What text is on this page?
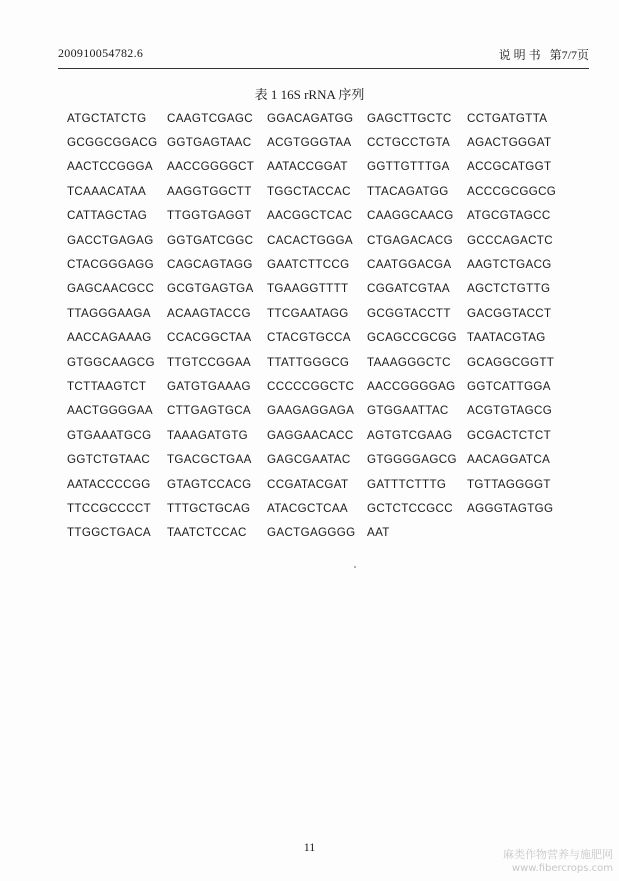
200910054782.6	说 明 书 第7/7页
表 1 16S rRNA 序列
ATGCTATCTG	CAAGTCGAGC	GGACAGATGG	GAGCTTGCTC	CCTGATGTTA
GCGGCGGACG GGTGAGTAAC	ACGTGGGTAA	CCTGCCTGTA	AGACTGGGAT
AACTCCGGGA	AACCGGGGCT	AATACCGGAT	GGTTGTTTGA	ACCGCATGGT
TCAAACATAA	AAGGTGGCTT	TGGCTACCAC	TTACAGATGG	ACCCGCGGCG
CATTAGCTAG	TTGGTGAGGT	AACGGCTCAC	CAAGGCAACG	ATGCGTAGCC
GACCTGAGAG	GGTGATCGGC	CACACTGGGA	CTGAGACACG	GCCCAGACTC
CTACGGGAGG	CAGCAGTAGG	GAATCTTCCG	CAATGGACGA	AAGTCTGACG
GAGCAACGCC	GCGTGAGTGA	TGAAGGTTTT	CGGATCGTAA	AGCTCTGTTG
TTAGGGAAGA	ACAAGTACCG	TTCGAATAGG	GCGGTACCTT	GACGGTACCT
AACCAGAAAG	CCACGGCTAA	CTACGTGCCA	GCAGCCGCGG TAATACGTAG
GTGGCAAGCG	TTGTCCGGAA	TTATTGGGCG	TAAAGGGCTC	GCAGGCGGTT
TCTTAAGTCT	GATGTGAAAG	CCCCCGGCTC	AACCGGGGAG GGTCATTGGA
AACTGGGGAA	CTTGAGTGCA	GAAGAGGAGA	GTGGAATTAC	ACGTGTAGCG
GTGAAATGCG	TAAAGATGTG	GAGGAACACC	AGTGTCGAAG	GCGACTCTCT
GGTCTGTAAC	TGACGCTGAA	GAGCGAATAC	GTGGGGAGCG AACAGGATCA
AATACCCCGG	GTAGTCCACG	CCGATACGAT	GATTTCTTTG	TGTTAGGGGT
TTCCGCCCCT	TTTGCTGCAG	ATACGCTCAA	GCTCTCCGCC	AGGGTAGTGG
TTGGCTGACA	TAATCTCCAC	GACTGAGGGG AAT
11
麻类作物营养与施肥网
www.fibercrops.com
